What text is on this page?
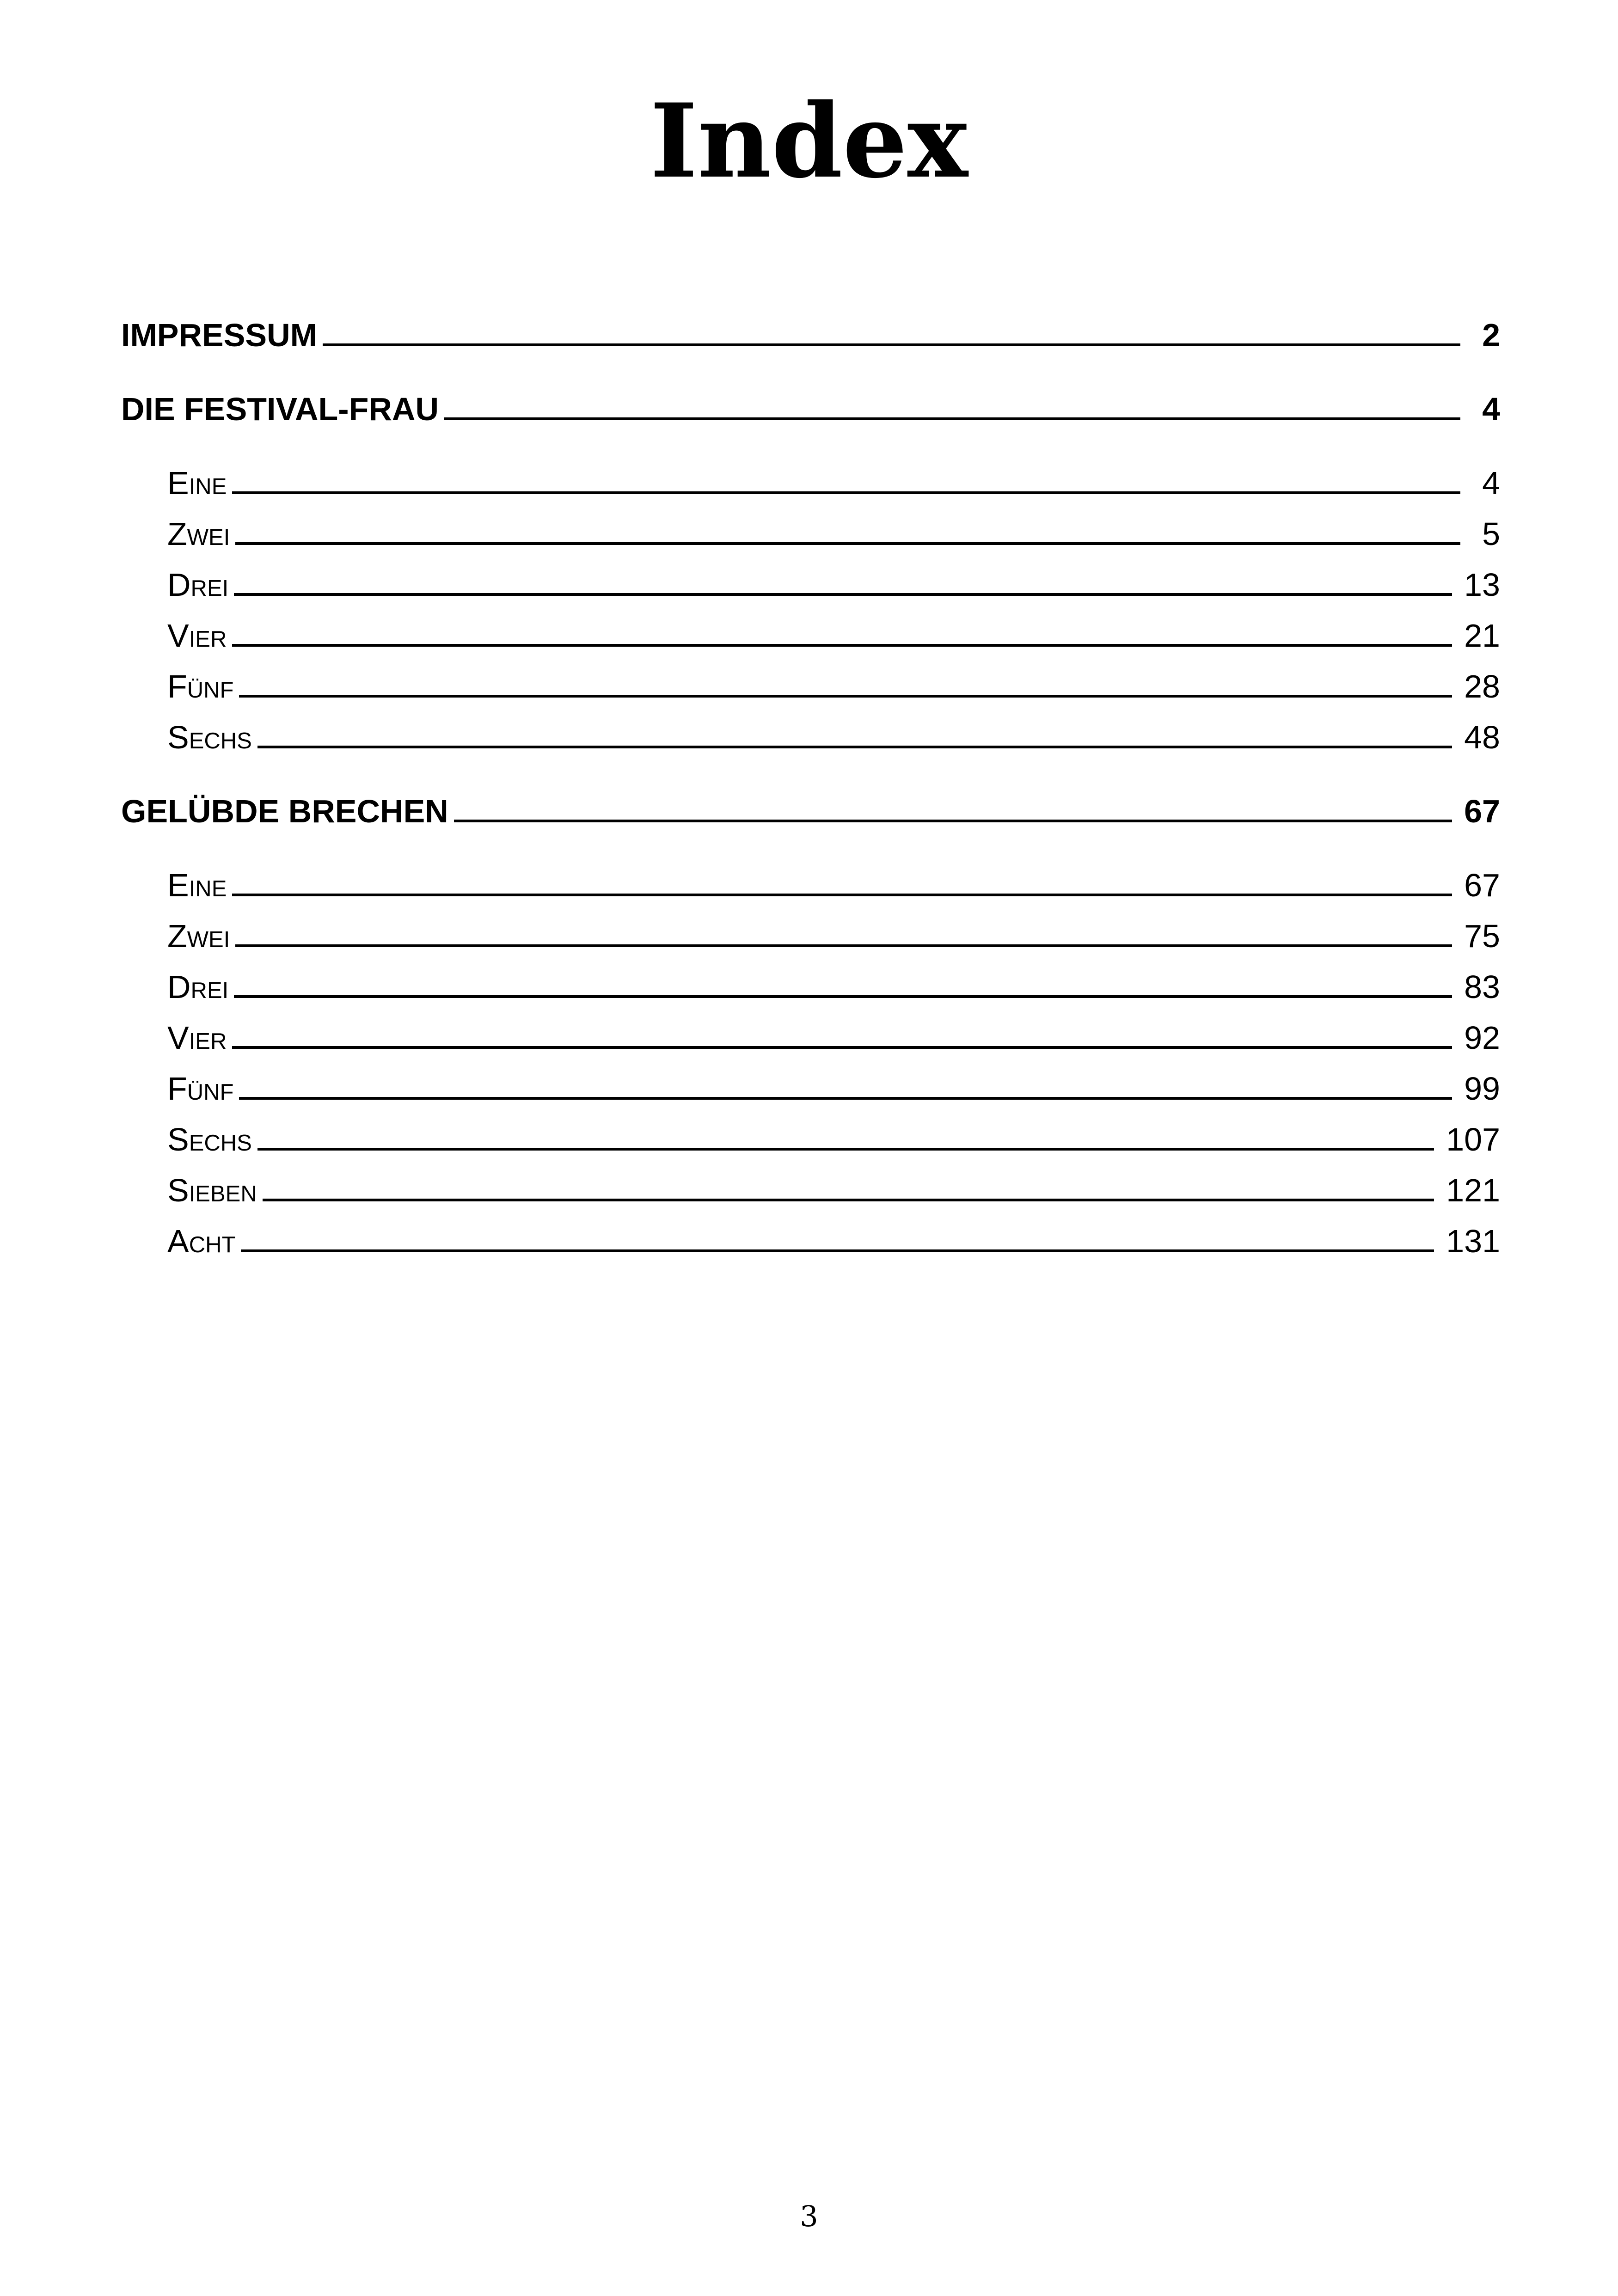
Index
IMPRESSUM	2
DIE FESTIVAL-FRAU	4
Eine	4
Zwei	5
Drei	13
Vier	21
Fünf	28
Sechs	48
GELÜBDE BRECHEN	67
Eine	67
Zwei	75
Drei	83
Vier	92
Fünf	99
Sechs	107
Sieben	121
Acht	131
3
